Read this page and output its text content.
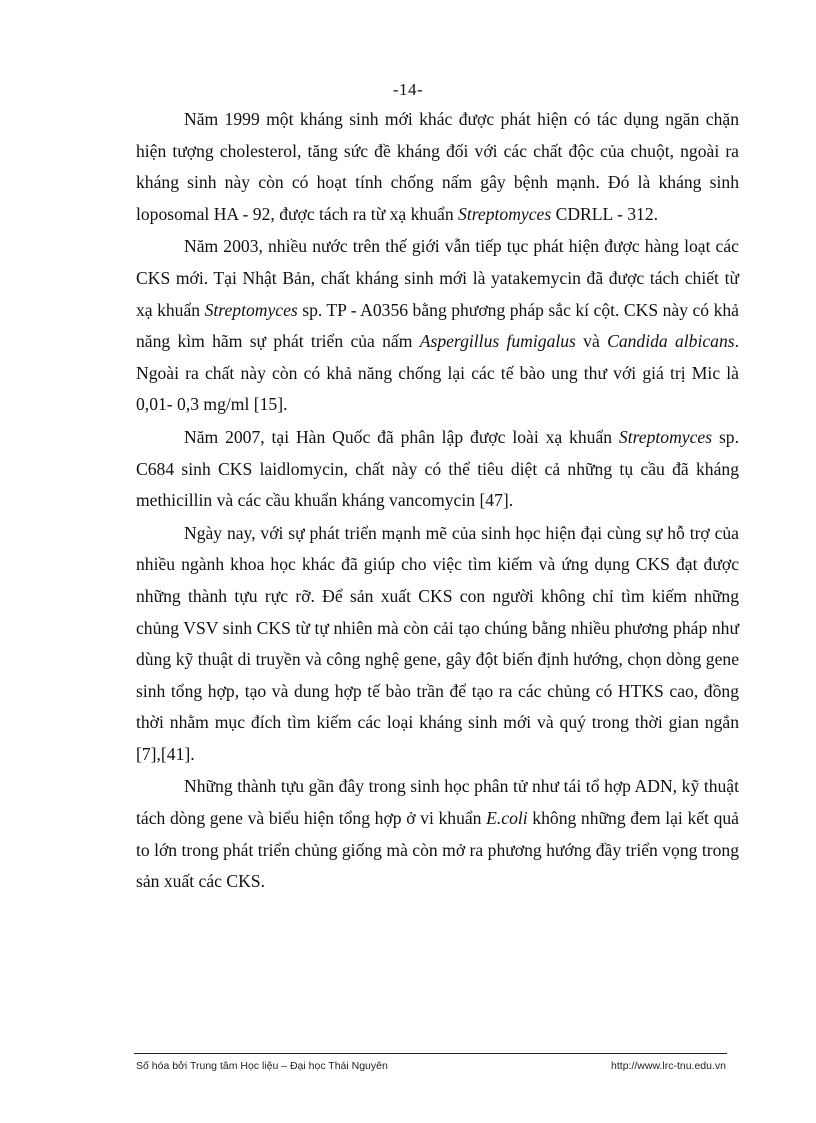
-14-

Năm 1999 một kháng sinh mới khác được phát hiện có tác dụng ngăn chặn hiện tượng cholesterol, tăng sức đề kháng đối với các chất độc của chuột, ngoài ra kháng sinh này còn có hoạt tính chống nấm gây bệnh mạnh. Đó là kháng sinh loposomal HA - 92, được tách ra từ xạ khuẩn Streptomyces CDRLL - 312.

Năm 2003, nhiều nước trên thế giới vẫn tiếp tục phát hiện được hàng loạt các CKS mới. Tại Nhật Bản, chất kháng sinh mới là yatakemycin đã được tách chiết từ xạ khuẩn Streptomyces sp. TP - A0356 bằng phương pháp sắc kí cột. CKS này có khả năng kìm hãm sự phát triển của nấm Aspergillus fumigalus và Candida albicans. Ngoài ra chất này còn có khả năng chống lại các tế bào ung thư với giá trị Mic là 0,01- 0,3 mg/ml [15].

Năm 2007, tại Hàn Quốc đã phân lập được loài xạ khuẩn Streptomyces sp. C684 sinh CKS laidlomycin, chất này có thể tiêu diệt cả những tụ cầu đã kháng methicillin và các cầu khuẩn kháng vancomycin [47].

Ngày nay, với sự phát triển mạnh mẽ của sinh học hiện đại cùng sự hỗ trợ của nhiều ngành khoa học khác đã giúp cho việc tìm kiếm và ứng dụng CKS đạt được những thành tựu rực rỡ. Để sản xuất CKS con người không chỉ tìm kiếm những chủng VSV sinh CKS từ tự nhiên mà còn cải tạo chúng bằng nhiều phương pháp như dùng kỹ thuật di truyền và công nghệ gene, gây đột biến định hướng, chọn dòng gene sinh tổng hợp, tạo và dung hợp tế bào trần để tạo ra các chủng có HTKS cao, đồng thời nhằm mục đích tìm kiếm các loại kháng sinh mới và quý trong thời gian ngắn [7],[41].

Những thành tựu gần đây trong sinh học phân tử như tái tổ hợp ADN, kỹ thuật tách dòng gene và biểu hiện tổng hợp ở vi khuẩn E.coli không những đem lại kết quả to lớn trong phát triển chủng giống mà còn mở ra phương hướng đầy triển vọng trong sản xuất các CKS.

Số hóa bởi Trung tâm Học liệu – Đại học Thái Nguyên	http://www.lrc-tnu.edu.vn
